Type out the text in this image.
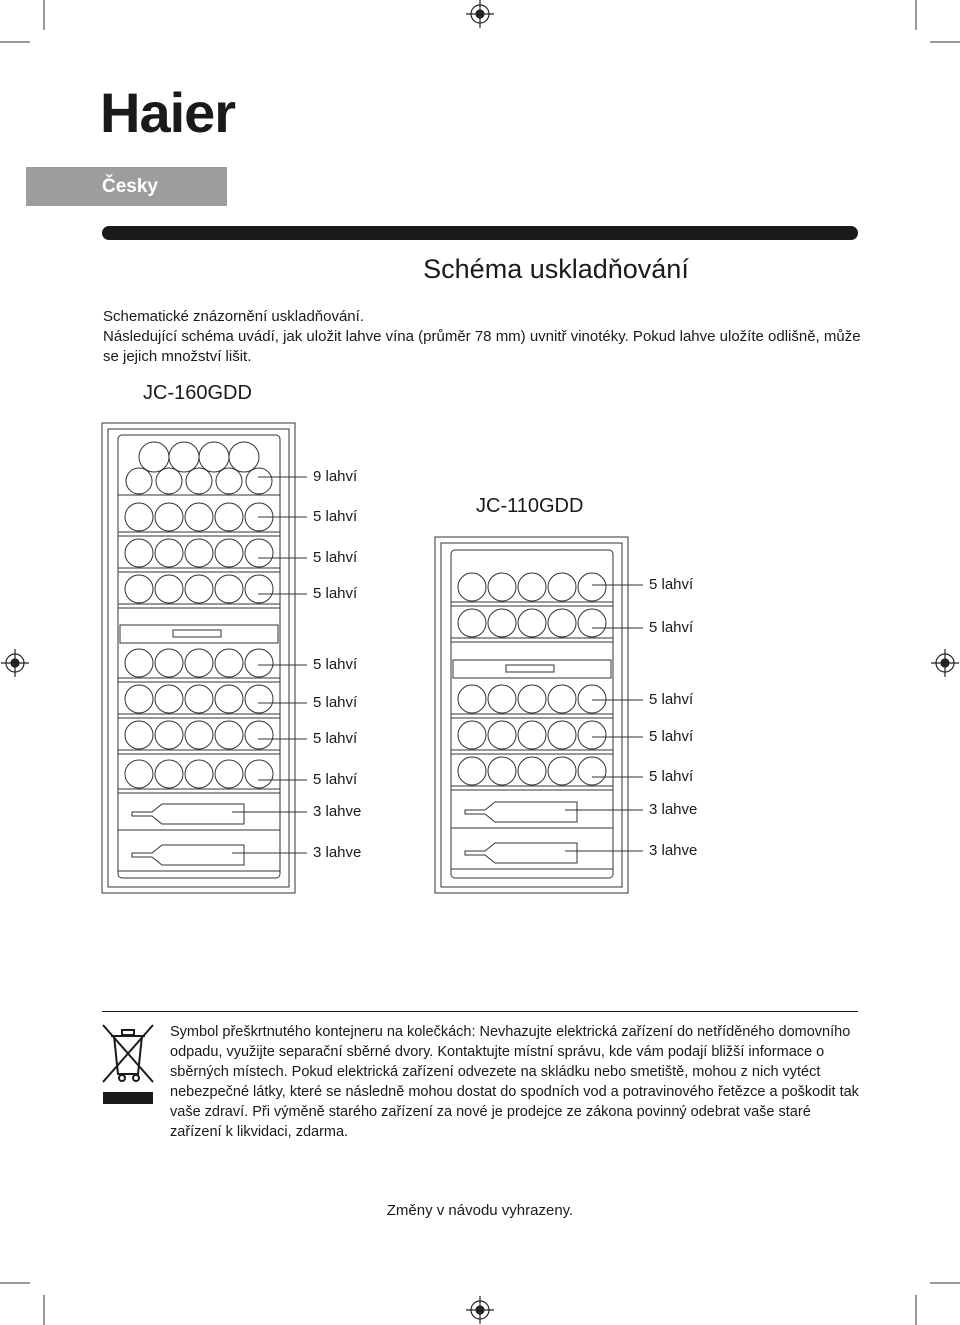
Haier
Česky
Schéma uskladňování

Schematické znázornění uskladňování.

Následující schéma uvádí, jak uložit lahve vína (průměr 78 mm) uvnitř vinotéky. Pokud lahve uložíte odlišně, může se jejich množství lišit.

JC-160GDD
JC-110GDD
9 lahví
5 lahví
5 lahví
5 lahví
5 lahví
5 lahví
5 lahví
5 lahví
3 lahve
3 lahve
5 lahví
5 lahví
5 lahví
5 lahví
5 lahví
3 lahve
3 lahve
Symbol přeškrtnutého kontejneru na kolečkách: Nevhazujte elektrická zařízení do netříděného domovního odpadu, využijte separační sběrné dvory. Kontaktujte místní správu, kde vám podají bližší informace o sběrných místech. Pokud elektrická zařízení odvezete na skládku nebo smetiště, mohou z nich vytéct nebezpečné látky, které se následně mohou dostat do spodních vod a potravinového řetězce a poškodit tak vaše zdraví. Při výměně starého zařízení za nové je prodejce ze zákona povinný odebrat vaše staré zařízení k likvidaci, zdarma.
Změny v návodu vyhrazeny.
